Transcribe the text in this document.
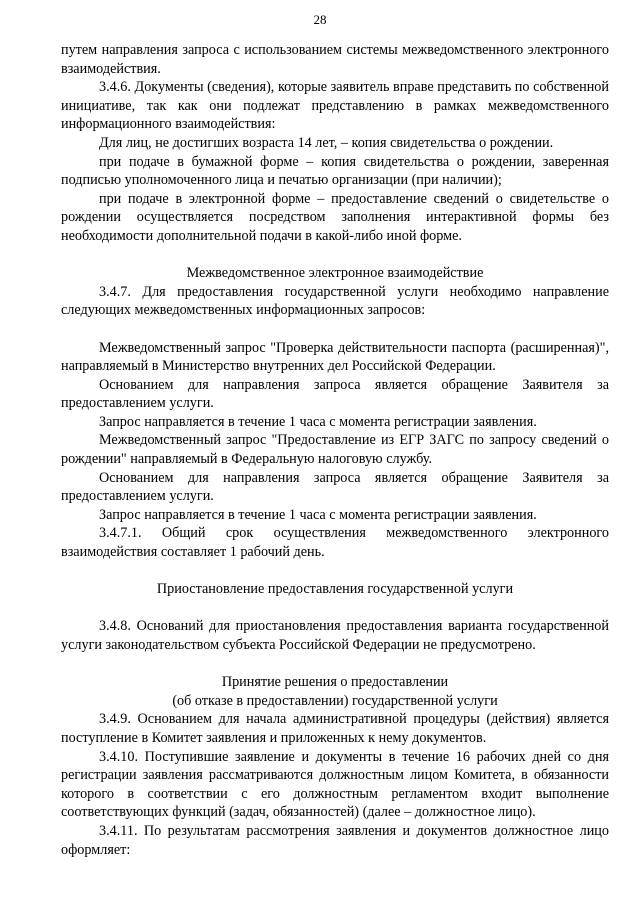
28

путем направления запроса с использованием системы межведомственного электронного взаимодействия.

3.4.6. Документы (сведения), которые заявитель вправе представить по собственной инициативе, так как они подлежат представлению в рамках межведомственного информационного взаимодействия:

Для лиц, не достигших возраста 14 лет, – копия свидетельства о рождении.

при подаче в бумажной форме – копия свидетельства о рождении, заверенная подписью уполномоченного лица и печатью организации (при наличии);

при подаче в электронной форме – предоставление сведений о свидетельстве о рождении осуществляется посредством заполнения интерактивной формы без необходимости дополнительной подачи в какой-либо иной форме.

Межведомственное электронное взаимодействие

3.4.7. Для предоставления государственной услуги необходимо направление следующих межведомственных информационных запросов:

Межведомственный запрос "Проверка действительности паспорта (расширенная)", направляемый в Министерство внутренних дел Российской Федерации.

Основанием для направления запроса является обращение Заявителя за предоставлением услуги.

Запрос направляется в течение 1 часа с момента регистрации заявления.

Межведомственный запрос "Предоставление из ЕГР ЗАГС по запросу сведений о рождении" направляемый в Федеральную налоговую службу.

Основанием для направления запроса является обращение Заявителя за предоставлением услуги.

Запрос направляется в течение 1 часа с момента регистрации заявления.

3.4.7.1. Общий срок осуществления межведомственного электронного взаимодействия составляет 1 рабочий день.

Приостановление предоставления государственной услуги

3.4.8. Оснований для приостановления предоставления варианта государственной услуги законодательством субъекта Российской Федерации не предусмотрено.

Принятие решения о предоставлении
(об отказе в предоставлении) государственной услуги

3.4.9. Основанием для начала административной процедуры (действия) является поступление в Комитет заявления и приложенных к нему документов.

3.4.10. Поступившие заявление и документы в течение 16 рабочих дней со дня регистрации заявления рассматриваются должностным лицом Комитета, в обязанности которого в соответствии с его должностным регламентом входит выполнение соответствующих функций (задач, обязанностей) (далее – должностное лицо).

3.4.11. По результатам рассмотрения заявления и документов должностное лицо оформляет:
